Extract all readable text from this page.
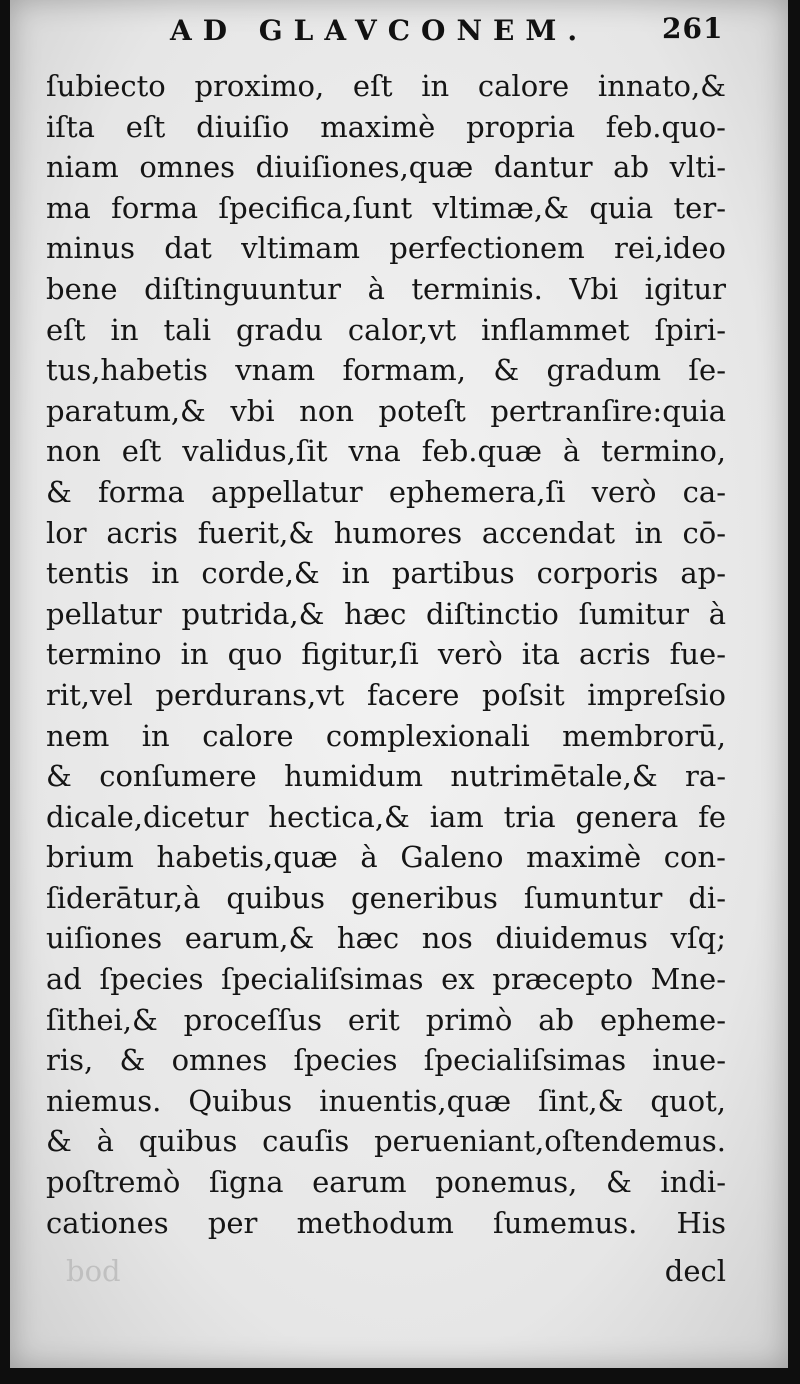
AD GLAVCONEM.	261
ſubiecto proximo, eſt in calore innato,&
iſta eſt diuiſio maximè propria feb.quo-
niam omnes diuiſiones,quæ dantur ab vlti-
ma forma ſpecifica,ſunt vltimæ,& quia ter-
minus dat vltimam perfectionem rei,ideo
bene diſtinguuntur à terminis. Vbi igitur
eſt in tali gradu calor,vt inflammet ſpiri-
tus,habetis vnam formam, & gradum ſe-
paratum,& vbi non poteſt pertranſire:quia
non eſt validus,ſit vna feb.quæ à termino,
& forma appellatur ephemera,ſi verò ca-
lor acris fuerit,& humores accendat in cō-
tentis in corde,& in partibus corporis ap-
pellatur putrida,& hæc diſtinctio ſumitur à
termino in quo figitur,ſi verò ita acris fue-
rit,vel perdurans,vt facere poſsit impreſsio
nem in calore complexionali membrorū,
& conſumere humidum nutrimētale,& ra-
dicale,dicetur hectica,& iam tria genera fe
brium habetis,quæ à Galeno maximè con-
ſiderātur,à quibus generibus ſumuntur di-
uiſiones earum,& hæc nos diuidemus vſq;
ad ſpecies ſpecialiſsimas ex præcepto Mne-
ſithei,& proceſſus erit primò ab epheme-
ris, & omnes ſpecies ſpecialiſsimas inue-
niemus. Quibus inuentis,quæ ſint,& quot,
& à quibus cauſis perueniant,oſtendemus.
poſtremò ſigna earum ponemus, & indi-
cationes per methodum ſumemus. His
bod	decl
